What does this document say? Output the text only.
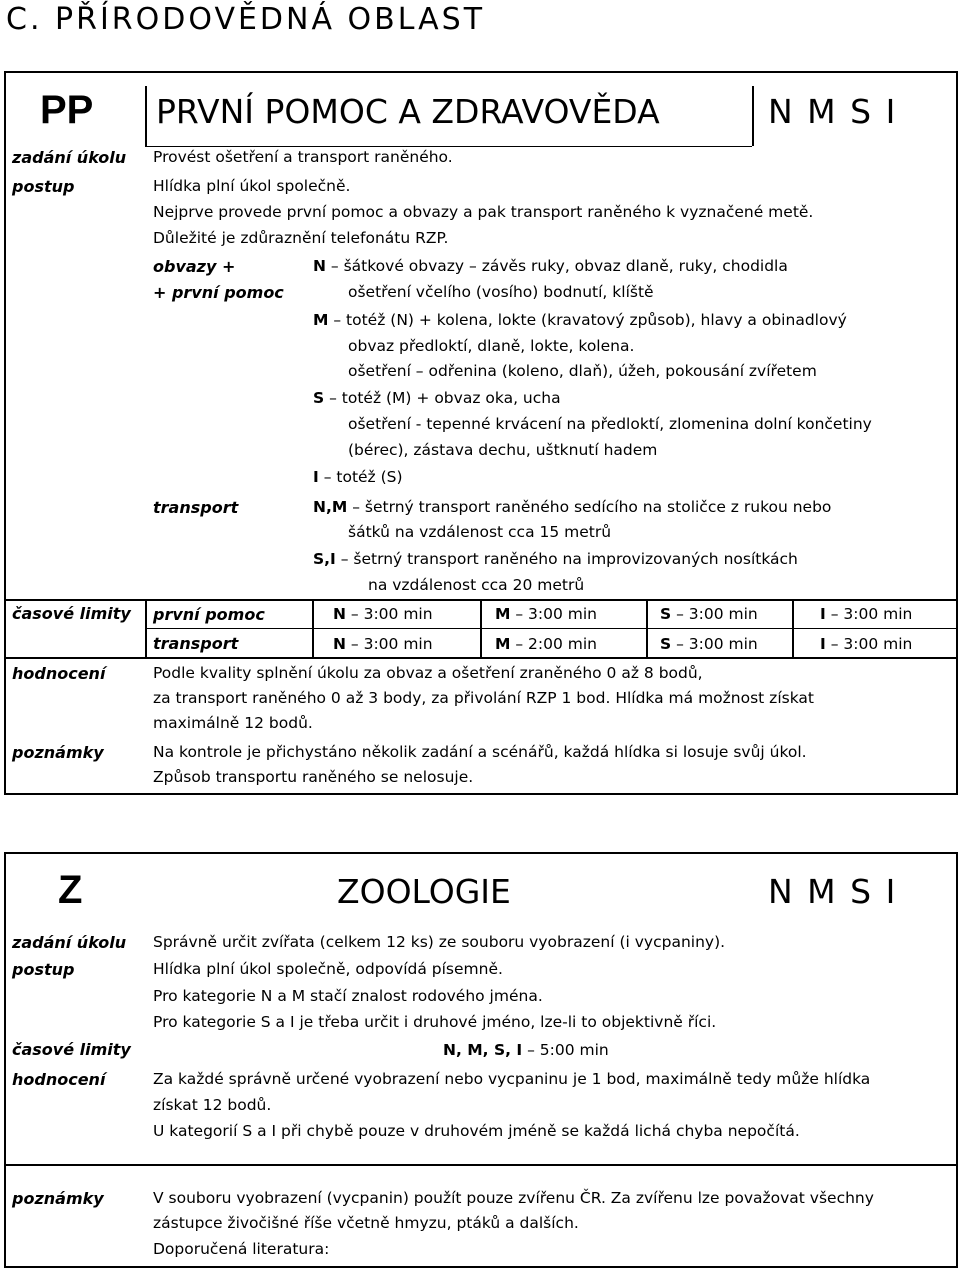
C. PŘÍRODOVĚDNÁ OBLAST
PP PRVNÍ POMOC A ZDRAVOVĚDA	N M S I
zadání úkolu Provést ošetření a transport raněného.
postup	Hlídka plní úkol společně.
Nejprve provede první pomoc a obvazy a pak transport raněného k vyznačené metě.
Důležité je zdůraznění telefonátu RZP.
obvazy +
+ první pomoc
N – šátkové obvazy – závěs ruky, obvaz dlaně, ruky, chodidla
ošetření včelího (vosího) bodnutí, klíště
M – totéž (N) + kolena, lokte (kravatový způsob), hlavy a obinadlový
obvaz předloktí, dlaně, lokte, kolena.
ošetření – odřenina (koleno, dlaň), úžeh, pokousání zvířetem
S – totéž (M) + obvaz oka, ucha
ošetření - tepenné krvácení na předloktí, zlomenina dolní končetiny
(bérec), zástava dechu, uštknutí hadem
I – totéž (S)
transport	N,M – šetrný transport raněného sedícího na stoličce z rukou nebo
šátků na vzdálenost cca 15 metrů
S,I – šetrný transport raněného na improvizovaných nosítkách
na vzdálenost cca 20 metrů
časové limity první pomoc	N – 3:00 min	M – 3:00 min	S – 3:00 min	I – 3:00 min
transport	N – 3:00 min	M – 2:00 min	S – 3:00 min	I – 3:00 min
hodnocení	Podle kvality splnění úkolu za obvaz a ošetření zraněného 0 až 8 bodů,
za transport raněného 0 až 3 body, za přivolání RZP 1 bod. Hlídka má možnost získat
maximálně 12 bodů.
poznámky	Na kontrole je přichystáno několik zadání a scénářů, každá hlídka si losuje svůj úkol.
Způsob transportu raněného se nelosuje.
Z	ZOOLOGIE	N M S I
zadání úkolu Správně určit zvířata (celkem 12 ks) ze souboru vyobrazení (i vycpaniny).
postup	Hlídka plní úkol společně, odpovídá písemně.
Pro kategorie N a M stačí znalost rodového jména.
Pro kategorie S a I je třeba určit i druhové jméno, lze-li to objektivně říci.
časové limity	N, M, S, I – 5:00 min
hodnocení	Za každé správně určené vyobrazení nebo vycpaninu je 1 bod, maximálně tedy může hlídka
získat 12 bodů.
U kategorií S a I při chybě pouze v druhovém jméně se každá lichá chyba nepočítá.
poznámky	V souboru vyobrazení (vycpanin) použít pouze zvířenu ČR. Za zvířenu lze považovat všechny
zástupce živočišné říše včetně hmyzu, ptáků a dalších.
Doporučená literatura:
